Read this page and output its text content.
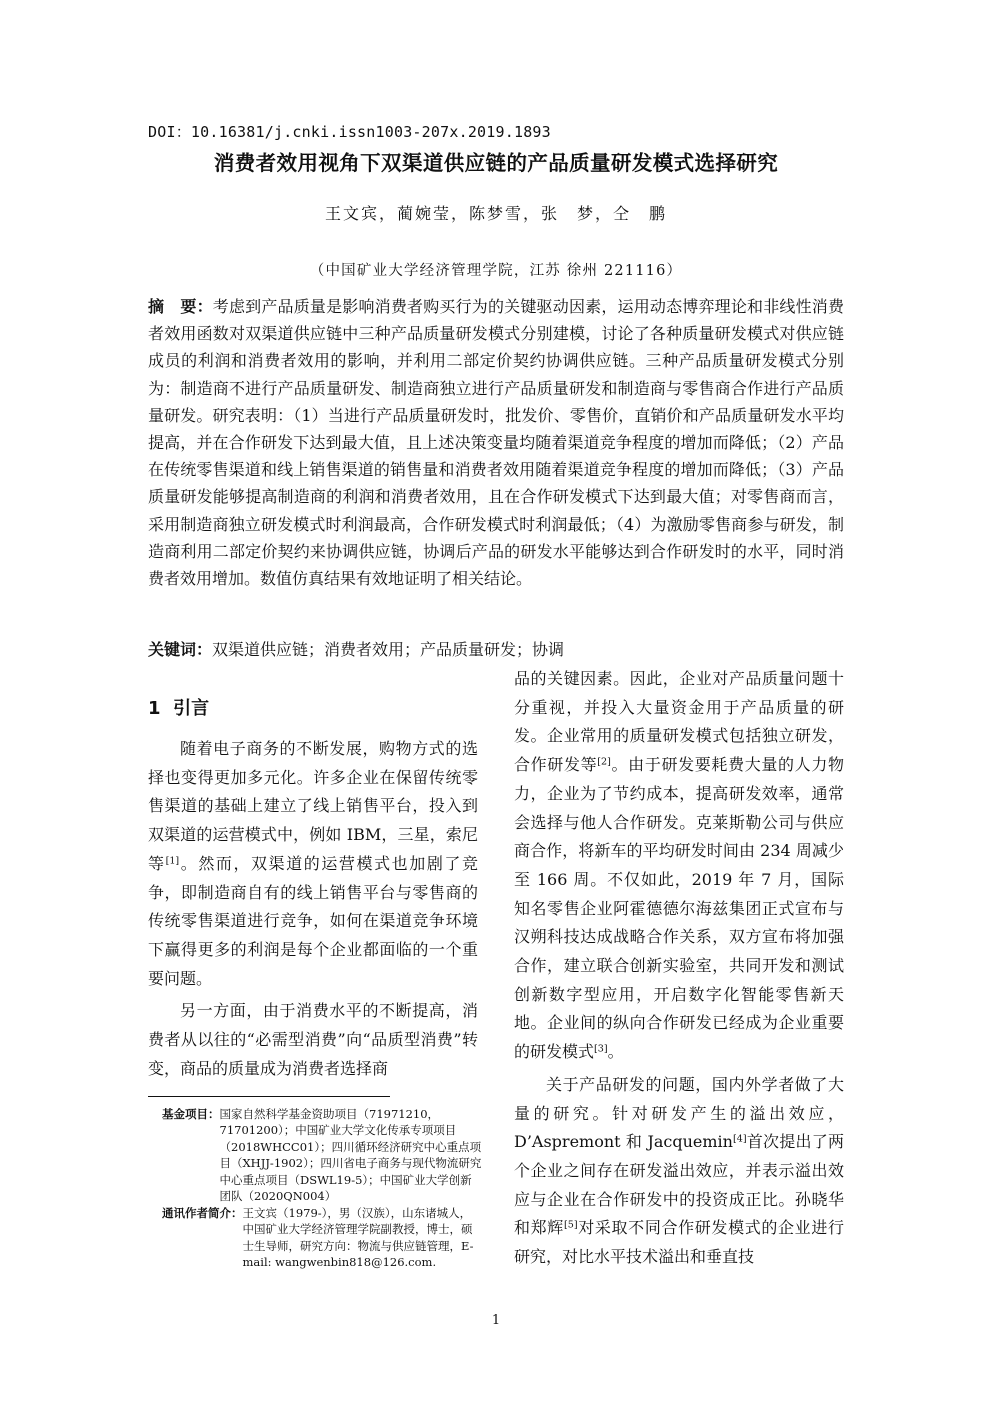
DOI：10.16381/j.cnki.issn1003-207x.2019.1893
消费者效用视角下双渠道供应链的产品质量研发模式选择研究
王文宾，蔺婉莹，陈梦雪，张　梦，仝　鹏
（中国矿业大学经济管理学院，江苏 徐州 221116）
摘　要：考虑到产品质量是影响消费者购买行为的关键驱动因素，运用动态博弈理论和非线性消费者效用函数对双渠道供应链中三种产品质量研发模式分别建模，讨论了各种质量研发模式对供应链成员的利润和消费者效用的影响，并利用二部定价契约协调供应链。三种产品质量研发模式分别为：制造商不进行产品质量研发、制造商独立进行产品质量研发和制造商与零售商合作进行产品质量研发。研究表明：（1）当进行产品质量研发时，批发价、零售价，直销价和产品质量研发水平均提高，并在合作研发下达到最大值，且上述决策变量均随着渠道竞争程度的增加而降低；（2）产品在传统零售渠道和线上销售渠道的销售量和消费者效用随着渠道竞争程度的增加而降低；（3）产品质量研发能够提高制造商的利润和消费者效用，且在合作研发模式下达到最大值；对零售商而言，采用制造商独立研发模式时利润最高，合作研发模式时利润最低；（4）为激励零售商参与研发，制造商利用二部定价契约来协调供应链，协调后产品的研发水平能够达到合作研发时的水平，同时消费者效用增加。数值仿真结果有效地证明了相关结论。
关键词：双渠道供应链；消费者效用；产品质量研发；协调
1 引言

随着电子商务的不断发展，购物方式的选择也变得更加多元化。许多企业在保留传统零售渠道的基础上建立了线上销售平台，投入到双渠道的运营模式中，例如 IBM，三星，索尼等[1]。然而，双渠道的运营模式也加剧了竞争，即制造商自有的线上销售平台与零售商的传统零售渠道进行竞争，如何在渠道竞争环境下赢得更多的利润是每个企业都面临的一个重要问题。

另一方面，由于消费水平的不断提高，消费者从以往的“必需型消费”向“品质型消费”转变，商品的质量成为消费者选择商

品的关键因素。因此，企业对产品质量问题十分重视，并投入大量资金用于产品质量的研发。企业常用的质量研发模式包括独立研发，合作研发等[2]。由于研发要耗费大量的人力物力，企业为了节约成本，提高研发效率，通常会选择与他人合作研发。克莱斯勒公司与供应商合作，将新车的平均研发时间由 234 周减少至 166 周。不仅如此，2019 年 7 月，国际知名零售企业阿霍德德尔海兹集团正式宣布与汉朔科技达成战略合作关系，双方宣布将加强合作，建立联合创新实验室，共同开发和测试创新数字型应用，开启数字化智能零售新天地。企业间的纵向合作研发已经成为企业重要的研发模式[3]。

关于产品研发的问题，国内外学者做了大量的研究。针对研发产生的溢出效应，D’Aspremont 和 Jacquemin[4]首次提出了两个企业之间存在研发溢出效应，并表示溢出效应与企业在合作研发中的投资成正比。孙晓华和郑辉[5]对采取不同合作研发模式的企业进行研究，对比水平技术溢出和垂直技

基金项目： 国家自然科学基金资助项目（71971210，71701200）；中国矿业大学文化传承专项项目（2018WHCC01）；四川循环经济研究中心重点项目（XHJJ-1902）；四川省电子商务与现代物流研究中心重点项目（DSWL19-5）；中国矿业大学创新团队（2020QN004）
通讯作者简介： 王文宾（1979-），男（汉族），山东诸城人，中国矿业大学经济管理学院副教授，博士，硕士生导师，研究方向：物流与供应链管理，E-mail: wangwenbin818@126.com.
1
